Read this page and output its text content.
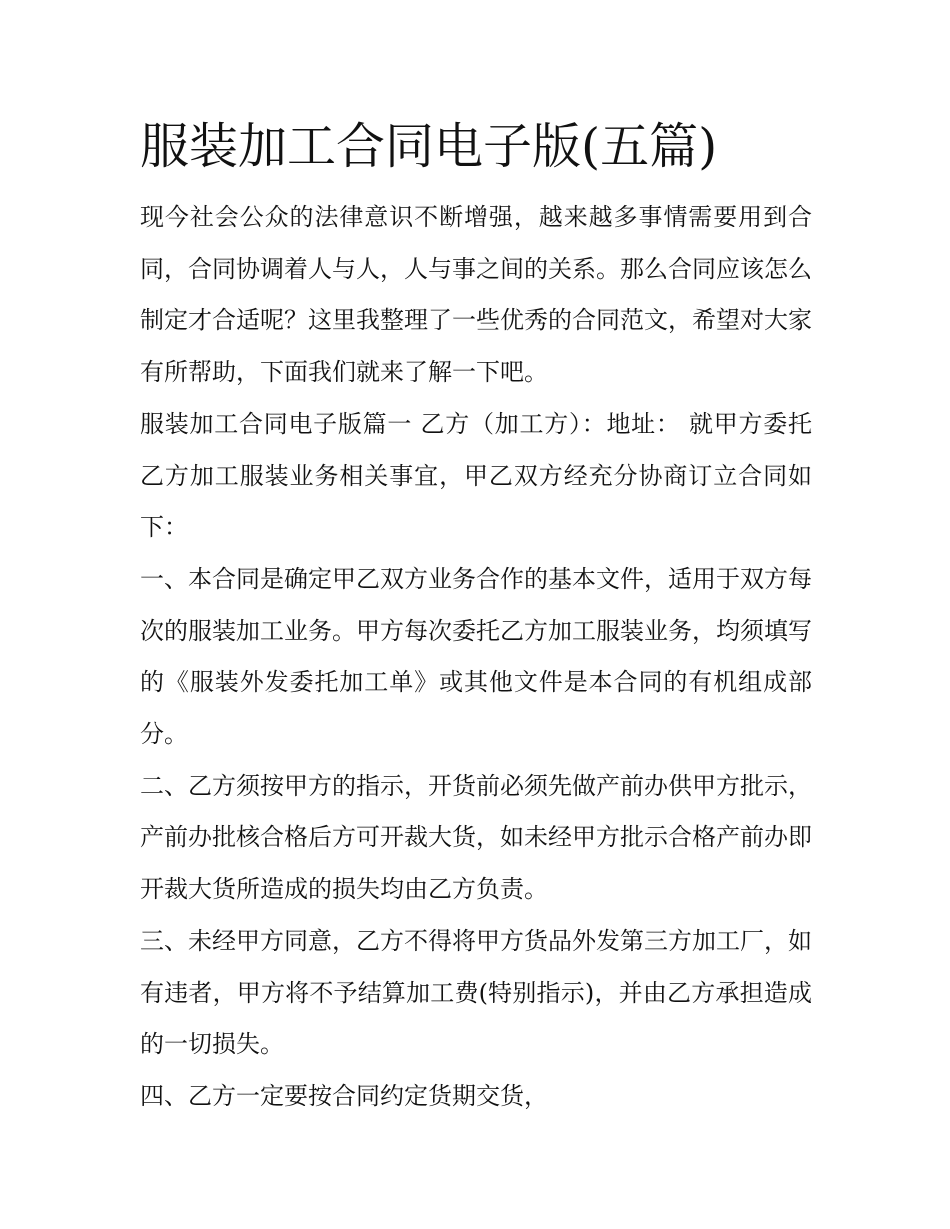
服装加工合同电子版(五篇)

现今社会公众的法律意识不断增强，越来越多事情需要用到合同，合同协调着人与人，人与事之间的关系。那么合同应该怎么制定才合适呢？这里我整理了一些优秀的合同范文，希望对大家有所帮助，下面我们就来了解一下吧。

服装加工合同电子版篇一 乙方（加工方）：地址： 就甲方委托乙方加工服装业务相关事宜，甲乙双方经充分协商订立合同如下：

一、本合同是确定甲乙双方业务合作的基本文件，适用于双方每次的服装加工业务。甲方每次委托乙方加工服装业务，均须填写的《服装外发委托加工单》或其他文件是本合同的有机组成部分。

二、乙方须按甲方的指示，开货前必须先做产前办供甲方批示，产前办批核合格后方可开裁大货，如未经甲方批示合格产前办即开裁大货所造成的损失均由乙方负责。

三、未经甲方同意，乙方不得将甲方货品外发第三方加工厂，如有违者，甲方将不予结算加工费(特别指示)，并由乙方承担造成的一切损失。

四、乙方一定要按合同约定货期交货，
